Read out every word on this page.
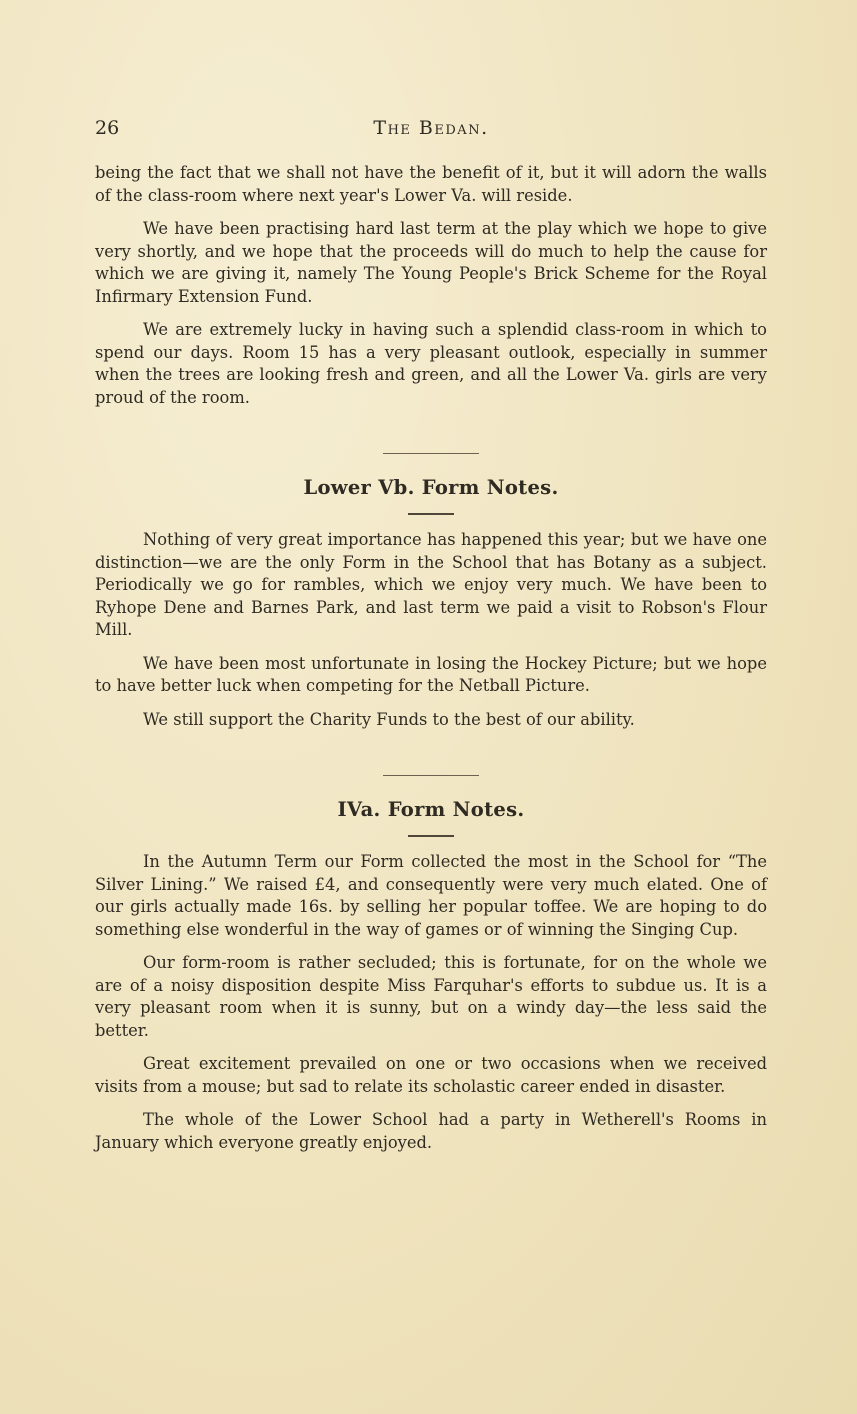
26	The Bedan.

being the fact that we shall not have the benefit of it, but it will adorn the walls of the class-room where next year's Lower Va. will reside.

We have been practising hard last term at the play which we hope to give very shortly, and we hope that the proceeds will do much to help the cause for which we are giving it, namely The Young People's Brick Scheme for the Royal Infirmary Extension Fund.

We are extremely lucky in having such a splendid class-room in which to spend our days. Room 15 has a very pleasant outlook, especially in summer when the trees are looking fresh and green, and all the Lower Va. girls are very proud of the room.

Lower Vb. Form Notes.

Nothing of very great importance has happened this year; but we have one distinction—we are the only Form in the School that has Botany as a subject. Periodically we go for rambles, which we enjoy very much. We have been to Ryhope Dene and Barnes Park, and last term we paid a visit to Robson's Flour Mill.

We have been most unfortunate in losing the Hockey Picture; but we hope to have better luck when competing for the Netball Picture.

We still support the Charity Funds to the best of our ability.

IVa. Form Notes.

In the Autumn Term our Form collected the most in the School for “The Silver Lining.” We raised £4, and consequently were very much elated. One of our girls actually made 16s. by selling her popular toffee. We are hoping to do something else wonderful in the way of games or of winning the Singing Cup.

Our form-room is rather secluded; this is fortunate, for on the whole we are of a noisy disposition despite Miss Farquhar's efforts to subdue us. It is a very pleasant room when it is sunny, but on a windy day—the less said the better.

Great excitement prevailed on one or two occasions when we received visits from a mouse; but sad to relate its scholastic career ended in disaster.

The whole of the Lower School had a party in Wetherell's Rooms in January which everyone greatly enjoyed.
